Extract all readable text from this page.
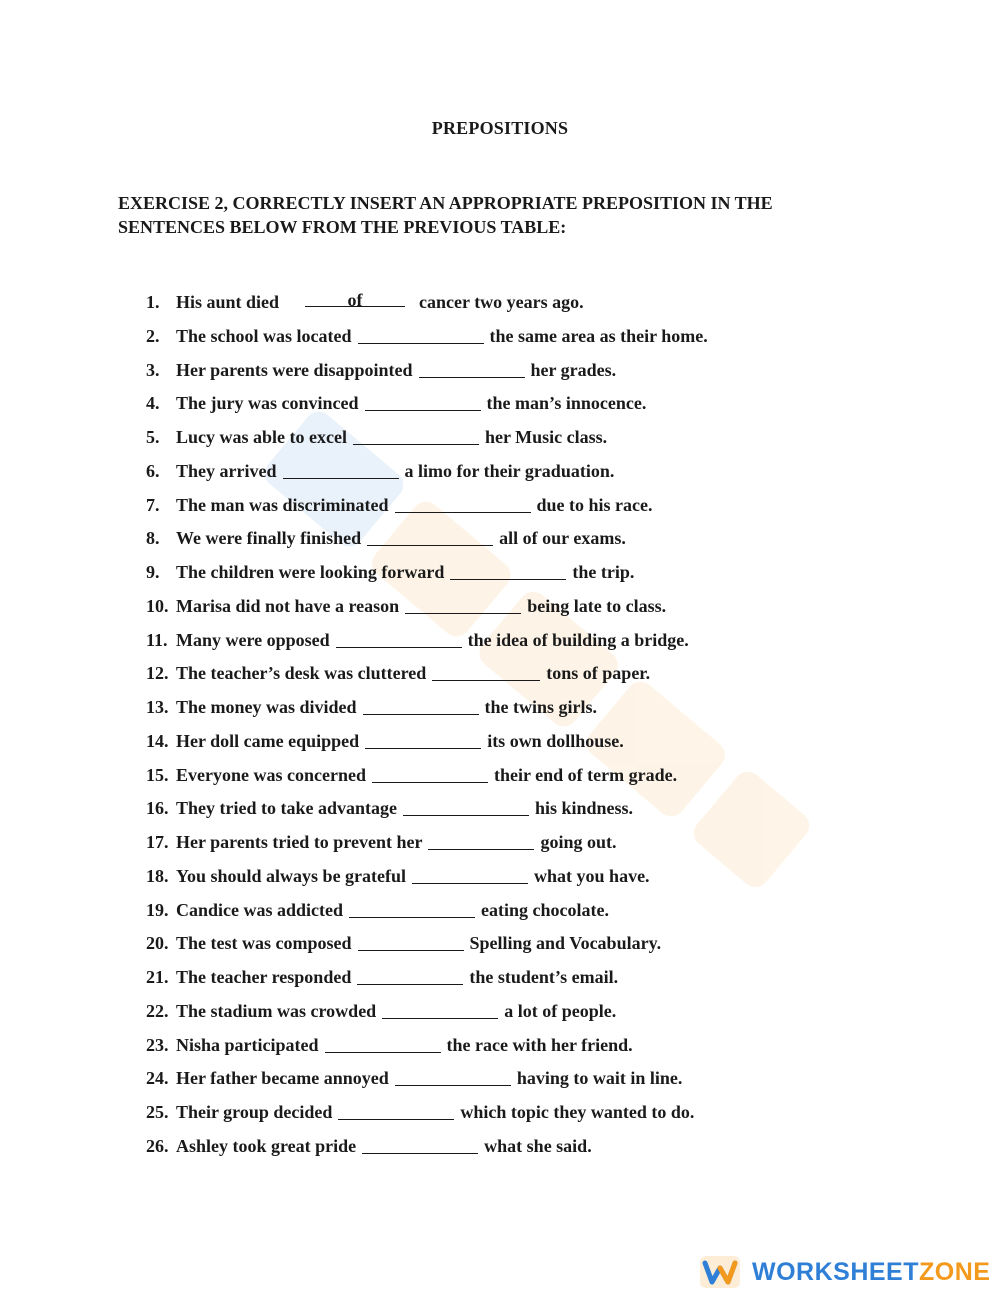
PREPOSITIONS
EXERCISE 2, CORRECTLY INSERT AN APPROPRIATE PREPOSITION IN THE SENTENCES BELOW FROM THE PREVIOUS TABLE:
1. His aunt died	of	cancer two years ago.
2. The school was located	the same area as their home.
3. Her parents were disappointed	her grades.
4. The jury was convinced	the man’s innocence.
5. Lucy was able to excel	her Music class.
6. They arrived	a limo for their graduation.
7. The man was discriminated	due to his race.
8. We were finally finished	all of our exams.
9. The children were looking forward	the trip.
10. Marisa did not have a reason	being late to class.
11. Many were opposed	the idea of building a bridge.
12. The teacher’s desk was cluttered	tons of paper.
13. The money was divided	the twins girls.
14. Her doll came equipped	its own dollhouse.
15. Everyone was concerned	their end of term grade.
16. They tried to take advantage	his kindness.
17. Her parents tried to prevent her	going out.
18. You should always be grateful	what you have.
19. Candice was addicted	eating chocolate.
20. The test was composed	Spelling and Vocabulary.
21. The teacher responded	the student’s email.
22. The stadium was crowded	a lot of people.
23. Nisha participated	the race with her friend.
24. Her father became annoyed	having to wait in line.
25. Their group decided	which topic they wanted to do.
26. Ashley took great pride	what she said.
WORKSHEETZONE
